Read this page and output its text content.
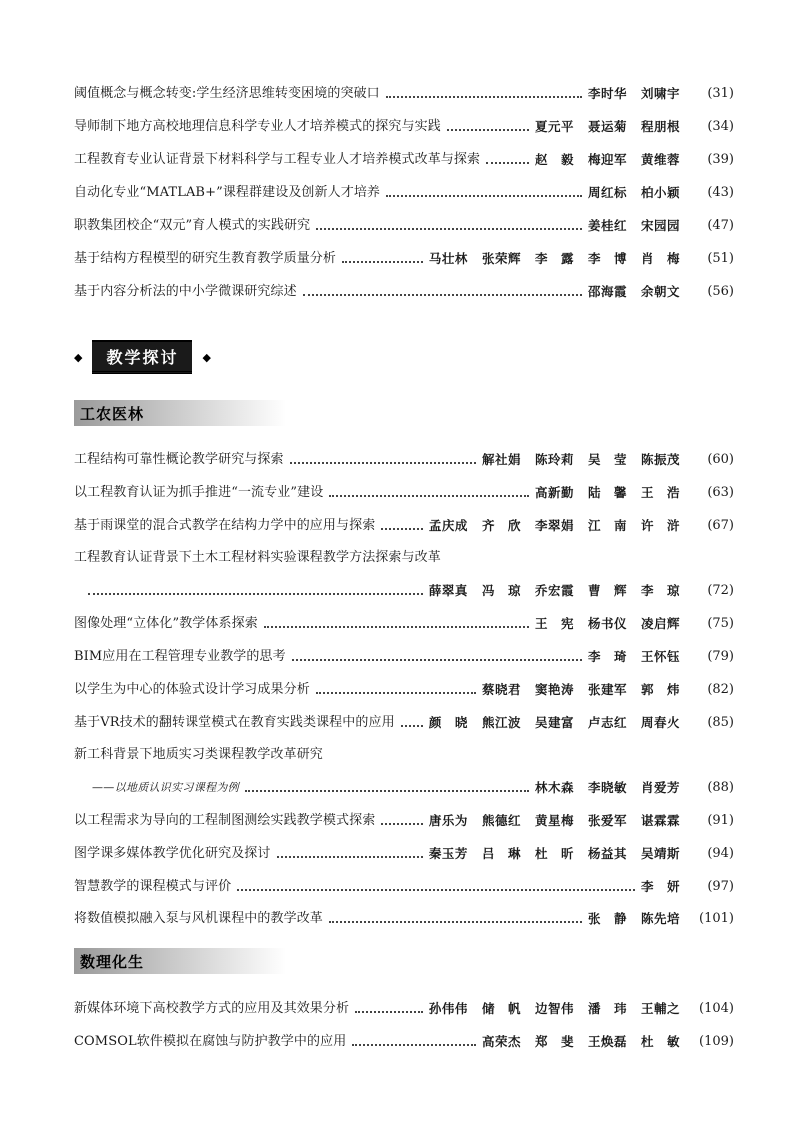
阈值概念与概念转变:学生经济思维转变困境的突破口	李时华 刘啸宇	(31)
导师制下地方高校地理信息科学专业人才培养模式的探究与实践	夏元平 聂运菊 程朋根	(34)
工程教育专业认证背景下材料科学与工程专业人才培养模式改革与探索	赵　毅 梅迎军 黄维蓉	(39)
自动化专业“MATLAB+”课程群建设及创新人才培养	周红标 柏小颖	(43)
职教集团校企“双元”育人模式的实践研究	姜桂红 宋园园	(47)
基于结构方程模型的研究生教育教学质量分析	马壮林 张荣辉 李　露 李　博 肖　梅	(51)
基于内容分析法的中小学微课研究综述	邵海霞 余朝文	(56)
◆	教学探讨	◆
工农医林
工程结构可靠性概论教学研究与探索	解社娟 陈玲莉 吴　莹 陈振茂	(60)
以工程教育认证为抓手推进“一流专业”建设	高新勤 陆　馨 王　浩	(63)
基于雨课堂的混合式教学在结构力学中的应用与探索	孟庆成 齐　欣 李翠娟 江　南 许　浒	(67)
工程教育认证背景下土木工程材料实验课程教学方法探索与改革
薛翠真 冯　琼 乔宏霞 曹　辉 李　琼	(72)
图像处理“立体化”教学体系探索	王　宪 杨书仪 凌启辉	(75)
BIM应用在工程管理专业教学的思考	李　琦 王怀钰	(79)
以学生为中心的体验式设计学习成果分析	蔡晓君 窦艳涛 张建军 郭　炜	(82)
基于VR技术的翻转课堂模式在教育实践类课程中的应用	颜　晓 熊江波 吴建富 卢志红 周春火	(85)
新工科背景下地质实习类课程教学改革研究
——以地质认识实习课程为例	林木森 李晓敏 肖爱芳	(88)
以工程需求为导向的工程制图测绘实践教学模式探索	唐乐为 熊德红 黄星梅 张爱军 谌霖霖	(91)
图学课多媒体教学优化研究及探讨	秦玉芳 吕　琳 杜　昕 杨益其 吴靖斯	(94)
智慧教学的课程模式与评价	李　妍	(97)
将数值模拟融入泵与风机课程中的教学改革	张　静 陈先培	(101)
数理化生
新媒体环境下高校教学方式的应用及其效果分析	孙伟伟 储　帆 边智伟 潘　玮 王輔之	(104)
COMSOL软件模拟在腐蚀与防护教学中的应用	高荣杰 郑　斐 王焕磊 杜　敏	(109)
